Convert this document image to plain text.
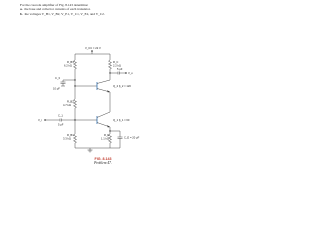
For the cascode amplifier of Fig. 8.143 determine:
a. the base and collector currents of each transistor.
b. the voltages V_B1, V_B2, V_E1, V_C1, V_E2, and V_C2.
V_CC = 22 V
R_B3
6.2 kΩ
R_C
2.2 kΩ
C_3
10 μF
R_B2
4.7 kΩ
5 μF
V_o
Q_2 β_2 = 120
Q_1 β_1 = 60
V_i
C_1
5 μF
R_B1
3.3 kΩ
R_E
1.1 kΩ	C_E = 20 μF
FIG. 8.143
Problem 47.
